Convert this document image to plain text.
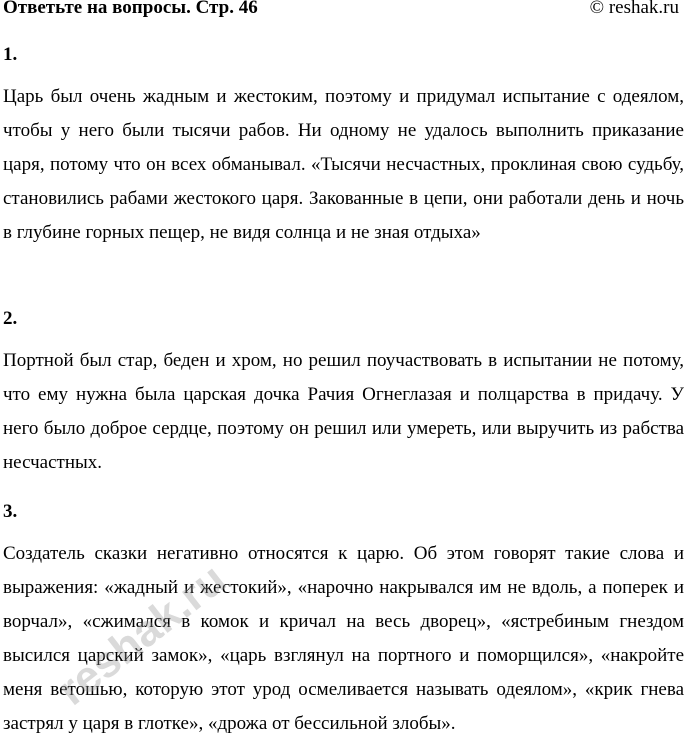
Ответьте на вопросы. Стр. 46	© reshak.ru
1.

Царь был очень жадным и жестоким, поэтому и придумал испытание с одеялом, чтобы у него были тысячи рабов. Ни одному не удалось выполнить приказание царя, потому что он всех обманывал. «Тысячи несчастных, проклиная свою судьбу, становились рабами жестокого царя. Закованные в цепи, они работали день и ночь в глубине горных пещер, не видя солнца и не зная отдыха»

2.

Портной был стар, беден и хром, но решил поучаствовать в испытании не потому, что ему нужна была царская дочка Рачия Огнеглазая и полцарства в придачу. У него было доброе сердце, поэтому он решил или умереть, или выручить из рабства несчастных.

3.

Создатель сказки негативно относятся к царю. Об этом говорят такие слова и выражения: «жадный и жестокий», «нарочно накрывался им не вдоль, а поперек и ворчал», «сжимался в комок и кричал на весь дворец», «ястребиным гнездом высился царский замок», «царь взглянул на портного и поморщился», «накройте меня ветошью, которую этот урод осмеливается называть одеялом», «крик гнева застрял у царя в глотке», «дрожа от бессильной злобы».

reshak.ru
